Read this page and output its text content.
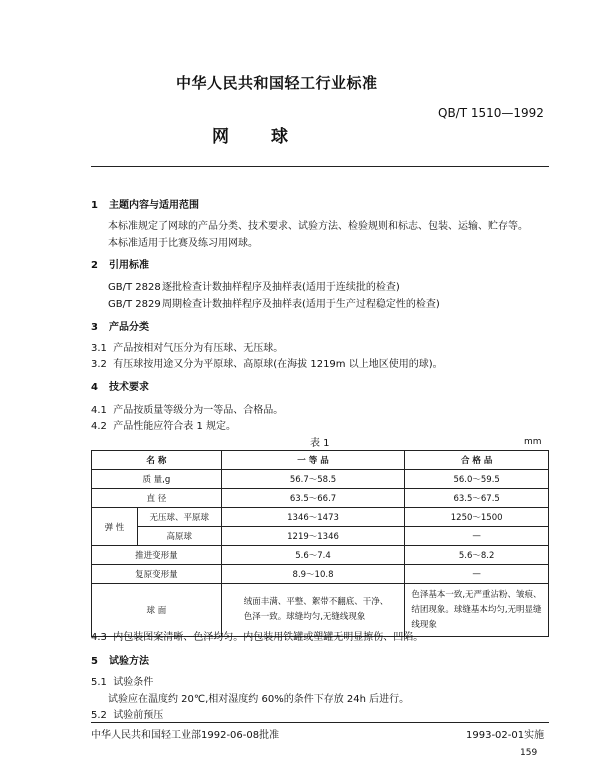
中华人民共和国轻工行业标准
QB/T 1510—1992
网球
1 主题内容与适用范围
本标准规定了网球的产品分类、技术要求、试验方法、检验规则和标志、包装、运输、贮存等。
本标准适用于比赛及练习用网球。
2 引用标准
GB/T 2828逐批检查计数抽样程序及抽样表(适用于连续批的检查)
GB/T 2829周期检查计数抽样程序及抽样表(适用于生产过程稳定性的检查)
3 产品分类
3.1 产品按相对气压分为有压球、无压球。
3.2 有压球按用途又分为平原球、高原球(在海拔 1219m 以上地区使用的球)。
4 技术要求
4.1 产品按质量等级分为一等品、合格品。
4.2 产品性能应符合表 1 规定。
表 1	mm
名 称		一 等 品	合 格 品
质 量,g		56.7～58.5	56.0～59.5
直 径		63.5～66.7	63.5～67.5
弹 性	无压球、平原球	1346～1473	1250～1500
	高原球	1219～1346	—
推进变形量		5.6～7.4	5.6～8.2
复原变形量		8.9～10.8	—
球 面		绒面丰满、平整、絮带不翻底、干净、色泽一致。球缝均匀,无缝线现象	色泽基本一致,无严重沾粉、皱痕、结团现象。球缝基本均匀,无明显缝线现象
4.3 内包装图案清晰、色泽均匀。内包装用铁罐或塑罐无明显擦伤、凹陷。
5 试验方法
5.1 试验条件
试验应在温度约 20℃,相对湿度约 60%的条件下存放 24h 后进行。
5.2 试验前预压
中华人民共和国轻工业部1992-06-08批准	1993-02-01实施
159
